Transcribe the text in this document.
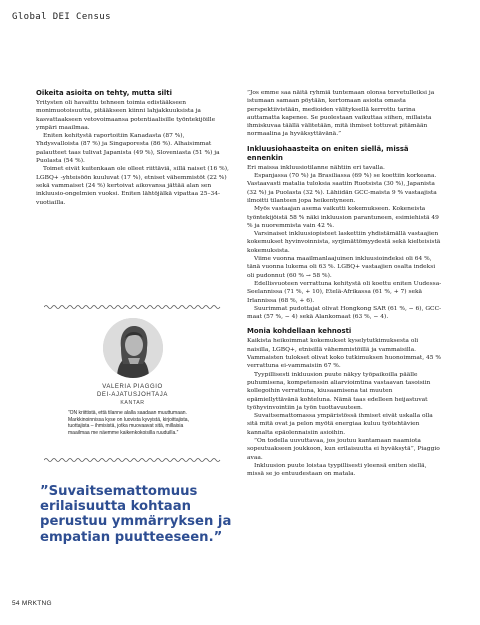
Global DEI Census
Oikeita asioita on tehty, mutta silti

Yritysten oli havaittu tehneen toimia edistääkseen monimuotoisuutta, pitääkseen kiinni lahjakkuuksista ja kasvattaakseen vetovoimaansa potentiaalisille työntekijöille ympäri maailmaa.

Eniten kehitystä raportoitiin Kanadasta (87 %), Yhdysvalloista (87 %) ja Singaporesta (86 %). Alhaisimmat palautteet taas tulivat Japanista (49 %), Sloveniasta (51 %) ja Puolasta (54 %).

Toimet eivät kuitenkaan ole olleet riittäviä, sillä naiset (16 %), LGBQ+ -yhteisöön kuuluvat (17 %), etniset vähemmistöt (22 %) sekä vammaiset (24 %) kertoivat aikovansa jättää alan sen inkluusio-ongelmien vuoksi. Eniten lähtöjälkä vipattaa 25–34-vuotiailla.

VALERIA PIAGGIO
DEI-AJATUSJOHTAJA
KANTAR
”ON kriittistä, että tilanne alalla saadaan muuttumaan. Markkinoinnissa kyse on luovista kyvyistä, kirjoittajista, tuottajista – ihmisistä, jotka muovaavat sitä, millaisia maailmaa me näemme kaikenkokoisilla ruuduilla.”

”Suvaitsemattomuus erilaisuutta kohtaan perustuu ymmärryksen ja empatian puutteeseen.”

”Jos emme saa näitä ryhmiä tuntemaan olonsa tervetulleiksi ja istumaan samaan pöytään, kertomaan asioita omasta perspektiivistään, medioiden välityksellä kerrottu tarina auttamatta kapenee. Se puolestaan vaikuttaa siihen, millaista ihmiskuvaa täällä välitetään, mitä ihmiset tottuvat pitämään normaalina ja hyväksyttävänä.”

Inkluusiohaasteita on eniten siellä, missä ennenkin

Eri maissa inkluusiotilanne nähtiin eri tavalla.

Espanjassa (70 %) ja Brasiliassa (69 %) se koettiin korkeana. Vastaavasti matalia tuloksia saatiin Ruotsista (30 %), Japanista (32 %) ja Puolasta (32 %). Lähiidän GCC-maista 9 % vastaajista ilmoitti tilanteen jopa heikentyneen.

Myös vastaajan asema vaikutti kokemukseen. Kokeneista työntekijöistä 58 % näki inkluusion parantuneen, esimiehistä 49 % ja nuoremmista vain 42 %.

Varsinaiset inkluusiopisteet laskettiin yhdistämällä vastaajien kokemukset hyvinvoinnista, syrjimättömyydestä sekä kielteisistä kokemuksista.

Viime vuonna maailmanlaajuinen inkluusioindeksi oli 64 %, tänä vuonna lukema oli 63 %. LGBQ+ vastaajien osalta indeksi oli pudonnut (60 % → 58 %).

Edellisvuoteen verrattuna kehitystä oli koettu eniten Uudessa-Seelannissa (71 %, + 10), Etelä-Afrikassa (61 %, + 7) sekä Irlannissa (68 %, + 6).

Suurimmat pudottajat olivat Hongkong SAR (61 %, − 6), GCC-maat (57 %, − 4) sekä Alankomaat (63 %, − 4).

Monia kohdellaan kehnosti

Kaikista heikoimmat kokemukset kyselytutkimuksesta oli naisilla, LGBQ+, etnisillä vähemmistöillä ja vammaisilla. Vammaisten tulokset olivat koko tutkimuksen huonoimmat, 45 % verrattuna ei-vammaisiin 67 %.

Tyypillisesti inkluusion puute näkyy työpaikoilla päälle puhumisena, kompetenssin aliarvioimtina vastaavan tasoisiin kollegoihin verrattuna, kiusaamisena tai muuten epämiellyttävänä kohteluna. Nämä taas edelleen heijastuvat työhyvinvointiin ja työn tuottavuuteen.

Suvaitsemattomassa ympäristössä ihmiset eivät uskalla olla sitä mitä ovat ja pelon myötä energiaa kuluu työtehtävien kannalta epäolennaisiin asioihin.

”On todella uuvuttavaa, jos joutuu kantamaan naamiota sopeutuakseen joukkoon, kun erilaisuutta ei hyväksytä”, Piaggio avaa.

Inkluusion puute loistaa tyypillisesti yleensä eniten siellä, missä se jo entuudestaan on matala.

54 MRKTNG
